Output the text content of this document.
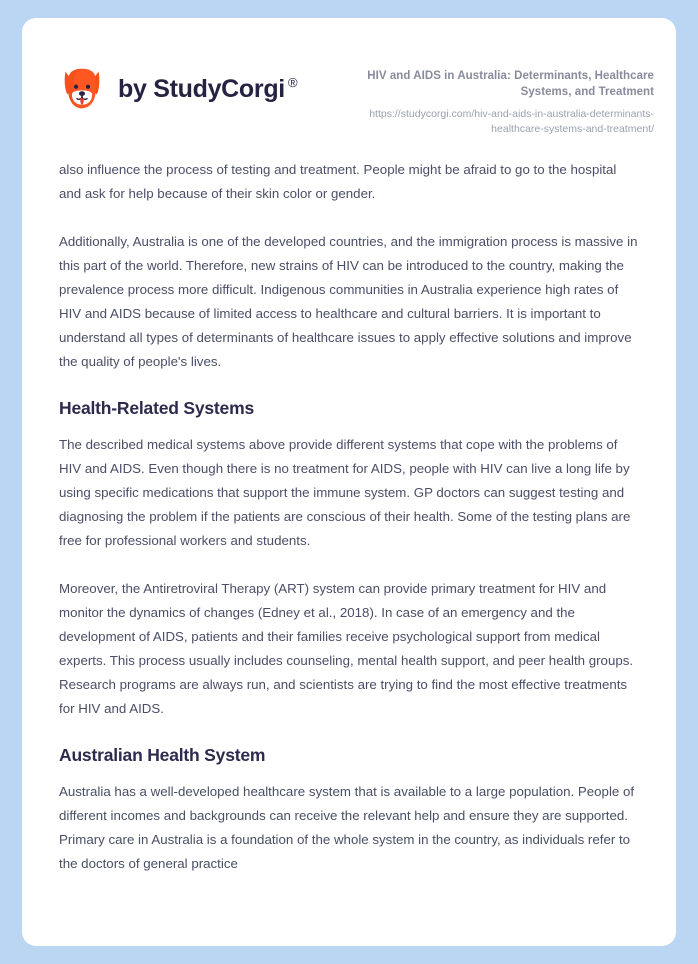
by StudyCorgi ®	HIV and AIDS in Australia: Determinants, Healthcare Systems, and Treatment
https://studycorgi.com/hiv-and-aids-in-australia-determinants-healthcare-systems-and-treatment/

also influence the process of testing and treatment. People might be afraid to go to the hospital and ask for help because of their skin color or gender.

Additionally, Australia is one of the developed countries, and the immigration process is massive in this part of the world. Therefore, new strains of HIV can be introduced to the country, making the prevalence process more difficult. Indigenous communities in Australia experience high rates of HIV and AIDS because of limited access to healthcare and cultural barriers. It is important to understand all types of determinants of healthcare issues to apply effective solutions and improve the quality of people's lives.

Health-Related Systems

The described medical systems above provide different systems that cope with the problems of HIV and AIDS. Even though there is no treatment for AIDS, people with HIV can live a long life by using specific medications that support the immune system. GP doctors can suggest testing and diagnosing the problem if the patients are conscious of their health. Some of the testing plans are free for professional workers and students.

Moreover, the Antiretroviral Therapy (ART) system can provide primary treatment for HIV and monitor the dynamics of changes (Edney et al., 2018). In case of an emergency and the development of AIDS, patients and their families receive psychological support from medical experts. This process usually includes counseling, mental health support, and peer health groups. Research programs are always run, and scientists are trying to find the most effective treatments for HIV and AIDS.

Australian Health System

Australia has a well-developed healthcare system that is available to a large population. People of different incomes and backgrounds can receive the relevant help and ensure they are supported. Primary care in Australia is a foundation of the whole system in the country, as individuals refer to the doctors of general practice
